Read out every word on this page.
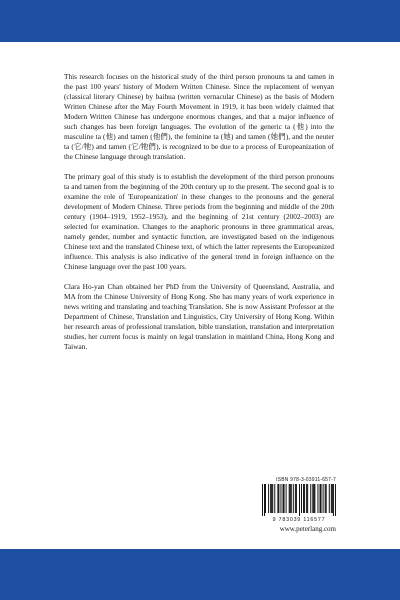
This research focuses on the historical study of the third person pronouns ta and tamen in the past 100 years' history of Modern Written Chinese. Since the replacement of wenyan (classical literary Chinese) by baihua (written vernacular Chinese) as the basis of Modern Written Chinese after the May Fourth Movement in 1919, it has been widely claimed that Modern Written Chinese has undergone enormous changes, and that a major influence of such changes has been foreign languages. The evolution of the generic ta (他) into the masculine ta (他) and tamen (他們), the feminine ta (她) and tamen (她們), and the neuter ta (它/牠) and tamen (它/牠們), is recognized to be due to a process of Europeanization of the Chinese language through translation.

The primary goal of this study is to establish the development of the third person pronouns ta and tamen from the beginning of the 20th century up to the present. The second goal is to examine the role of 'Europeanization' in these changes to the pronouns and the general development of Modern Chinese. Three periods from the beginning and middle of the 20th century (1904–1919, 1952–1953), and the beginning of 21st century (2002–2003) are selected for examination. Changes to the anaphoric pronouns in three grammatical areas, namely gender, number and syntactic function, are investigated based on the indigenous Chinese text and the translated Chinese text, of which the latter represents the Europeanized influence. This analysis is also indicative of the general trend in foreign influence on the Chinese language over the past 100 years.

Clara Ho-yan Chan obtained her PhD from the University of Queensland, Australia, and MA from the Chinese University of Hong Kong. She has many years of work experience in news writing and translating and teaching Translation. She is now Assistant Professor at the Department of Chinese, Translation and Linguistics, City University of Hong Kong. Within her research areas of professional translation, bible translation, translation and interpretation studies, her current focus is mainly on legal translation in mainland China, Hong Kong and Taiwan.

ISBN 978-3-03911-657-7
9 783039 116577
www.peterlang.com
